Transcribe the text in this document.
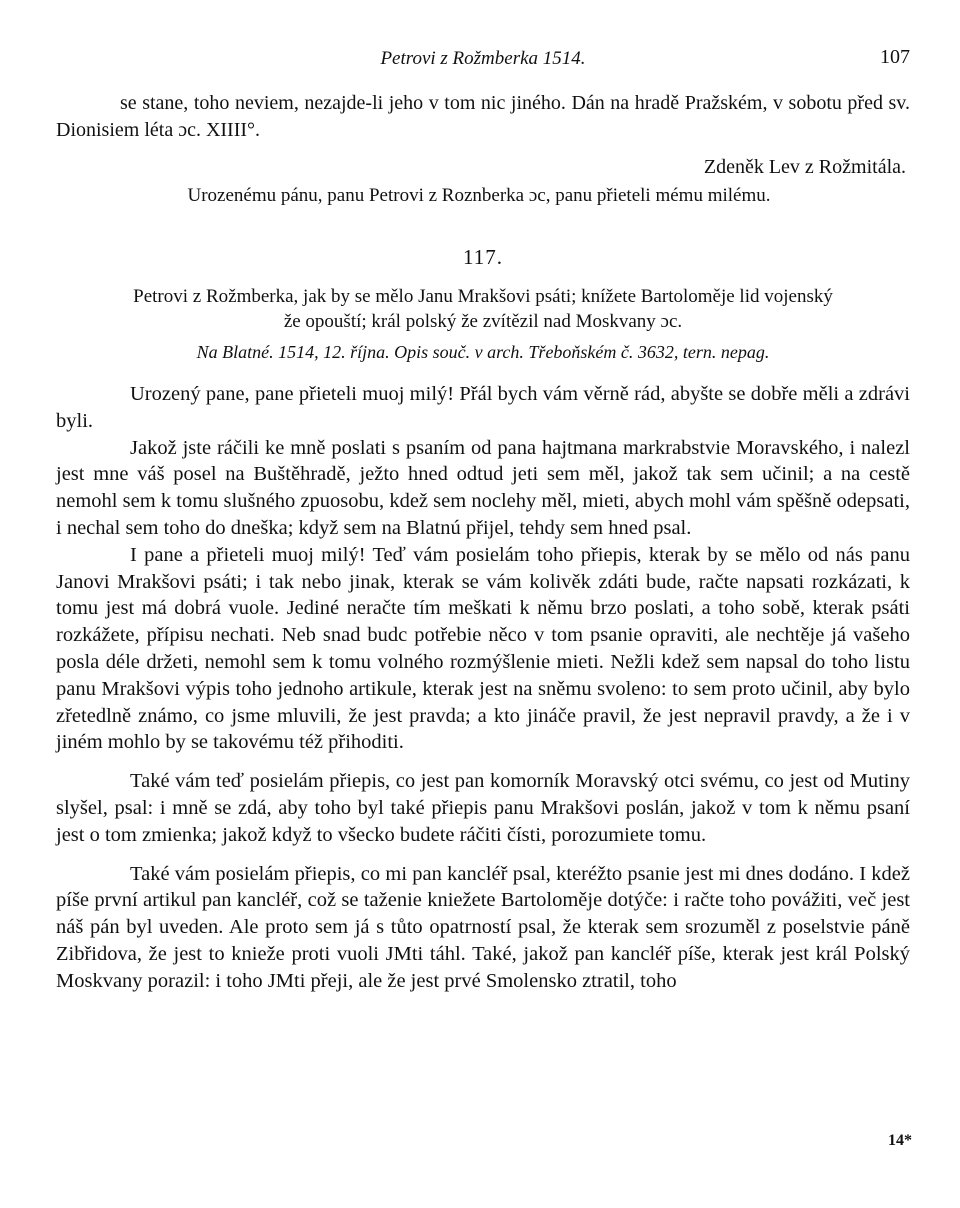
Petrovi z Rožmberka 1514.	107
se stane, toho neviem, nezajde-li jeho v tom nic jiného. Dán na hradě Pražském, v sobotu před sv. Dionisiem léta ɔc. XIIII°.
Zdeněk Lev z Rožmitála.
Urozenému pánu, panu Petrovi z Roznberka ɔc, panu přieteli mému milému.
117.
Petrovi z Rožmberka, jak by se mělo Janu Mrakšovi psáti; knížete Bartoloměje lid vojenský
že opouští; král polský že zvítězil nad Moskvany ɔc.
Na Blatné. 1514, 12. října. Opis souč. v arch. Třeboňském č. 3632, tern. nepag.

Urozený pane, pane přieteli muoj milý! Přál bych vám věrně rád, abyšte se dobře měli a zdrávi byli.

Jakož jste ráčili ke mně poslati s psaním od pana hajtmana markrabstvie Moravského, i nalezl jest mne váš posel na Buštěhradě, ježto hned odtud jeti sem měl, jakož tak sem učinil; a na cestě nemohl sem k tomu slušného zpuosobu, kdež sem noclehy měl, mieti, abych mohl vám spěšně odepsati, i nechal sem toho do dneška; když sem na Blatnú přijel, tehdy sem hned psal.

I pane a přieteli muoj milý! Teď vám posielám toho přiepis, kterak by se mělo od nás panu Janovi Mrakšovi psáti; i tak nebo jinak, kterak se vám kolivěk zdáti bude, račte napsati rozkázati, k tomu jest má dobrá vuole. Jediné neračte tím meškati k němu brzo poslati, a toho sobě, kterak psáti rozkážete, přípisu nechati. Neb snad budc potřebie něco v tom psanie opraviti, ale nechtěje já vašeho posla déle držeti, nemohl sem k tomu volného rozmýšlenie mieti. Nežli kdež sem napsal do toho listu panu Mrakšovi výpis toho jednoho artikule, kterak jest na sněmu svoleno: to sem proto učinil, aby bylo zřetedlně známo, co jsme mluvili, že jest pravda; a kto jináče pravil, že jest nepravil pravdy, a že i v jiném mohlo by se takovému též přihoditi.

Také vám teď posielám přiepis, co jest pan komorník Moravský otci svému, co jest od Mutiny slyšel, psal: i mně se zdá, aby toho byl také přiepis panu Mrakšovi poslán, jakož v tom k němu psaní jest o tom zmienka; jakož když to všecko budete ráčiti čísti, porozumiete tomu.

Také vám posielám přiepis, co mi pan kancléř psal, kteréžto psanie jest mi dnes dodáno. I kdež píše první artikul pan kancléř, což se taženie kniežete Bartoloměje dotýče: i račte toho povážiti, več jest náš pán byl uveden. Ale proto sem já s tůto opatrností psal, že kterak sem srozuměl z poselstvie páně Zibřidova, že jest to knieže proti vuoli JMti táhl. Také, jakož pan kancléř píše, kterak jest král Polský Moskvany porazil: i toho JMti přeji, ale že jest prvé Smolensko ztratil, toho

14*
